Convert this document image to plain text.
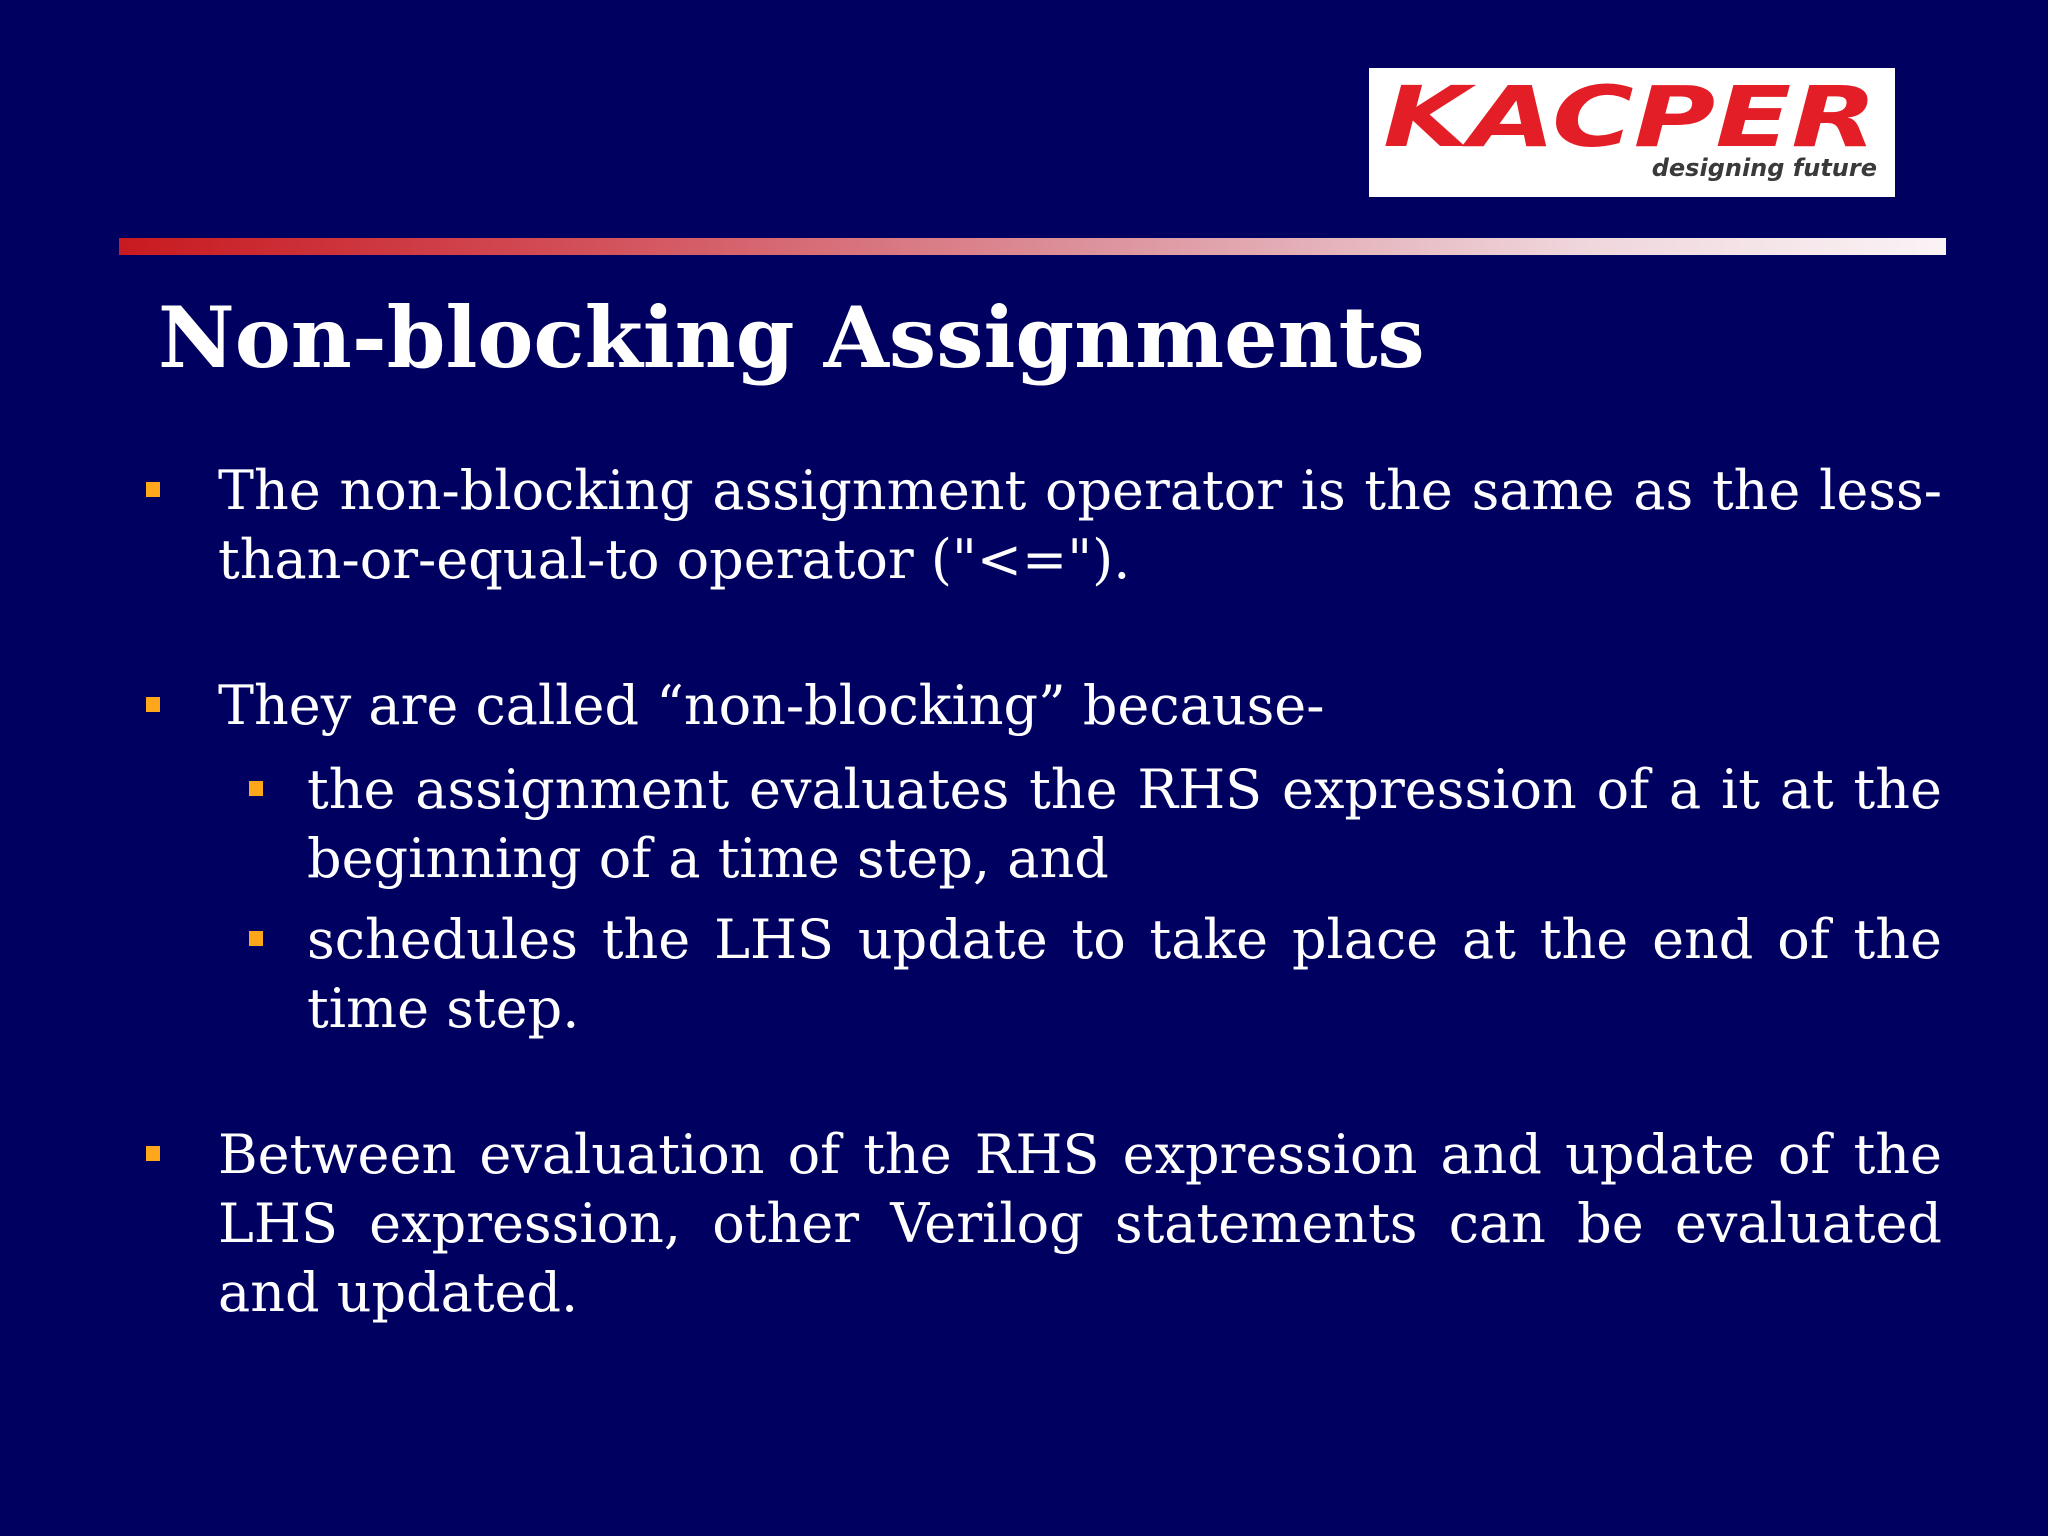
KACPER
designing future
Non-blocking Assignments
The non-blocking assignment operator is the same as the less-than-or-equal-to operator ("<=").
They are called “non-blocking” because-
the assignment evaluates the RHS expression of a it at the beginning of a time step, and
schedules the LHS update to take place at the end of the time step.
Between evaluation of the RHS expression and update of the LHS expression, other Verilog statements can be evaluated and updated.
